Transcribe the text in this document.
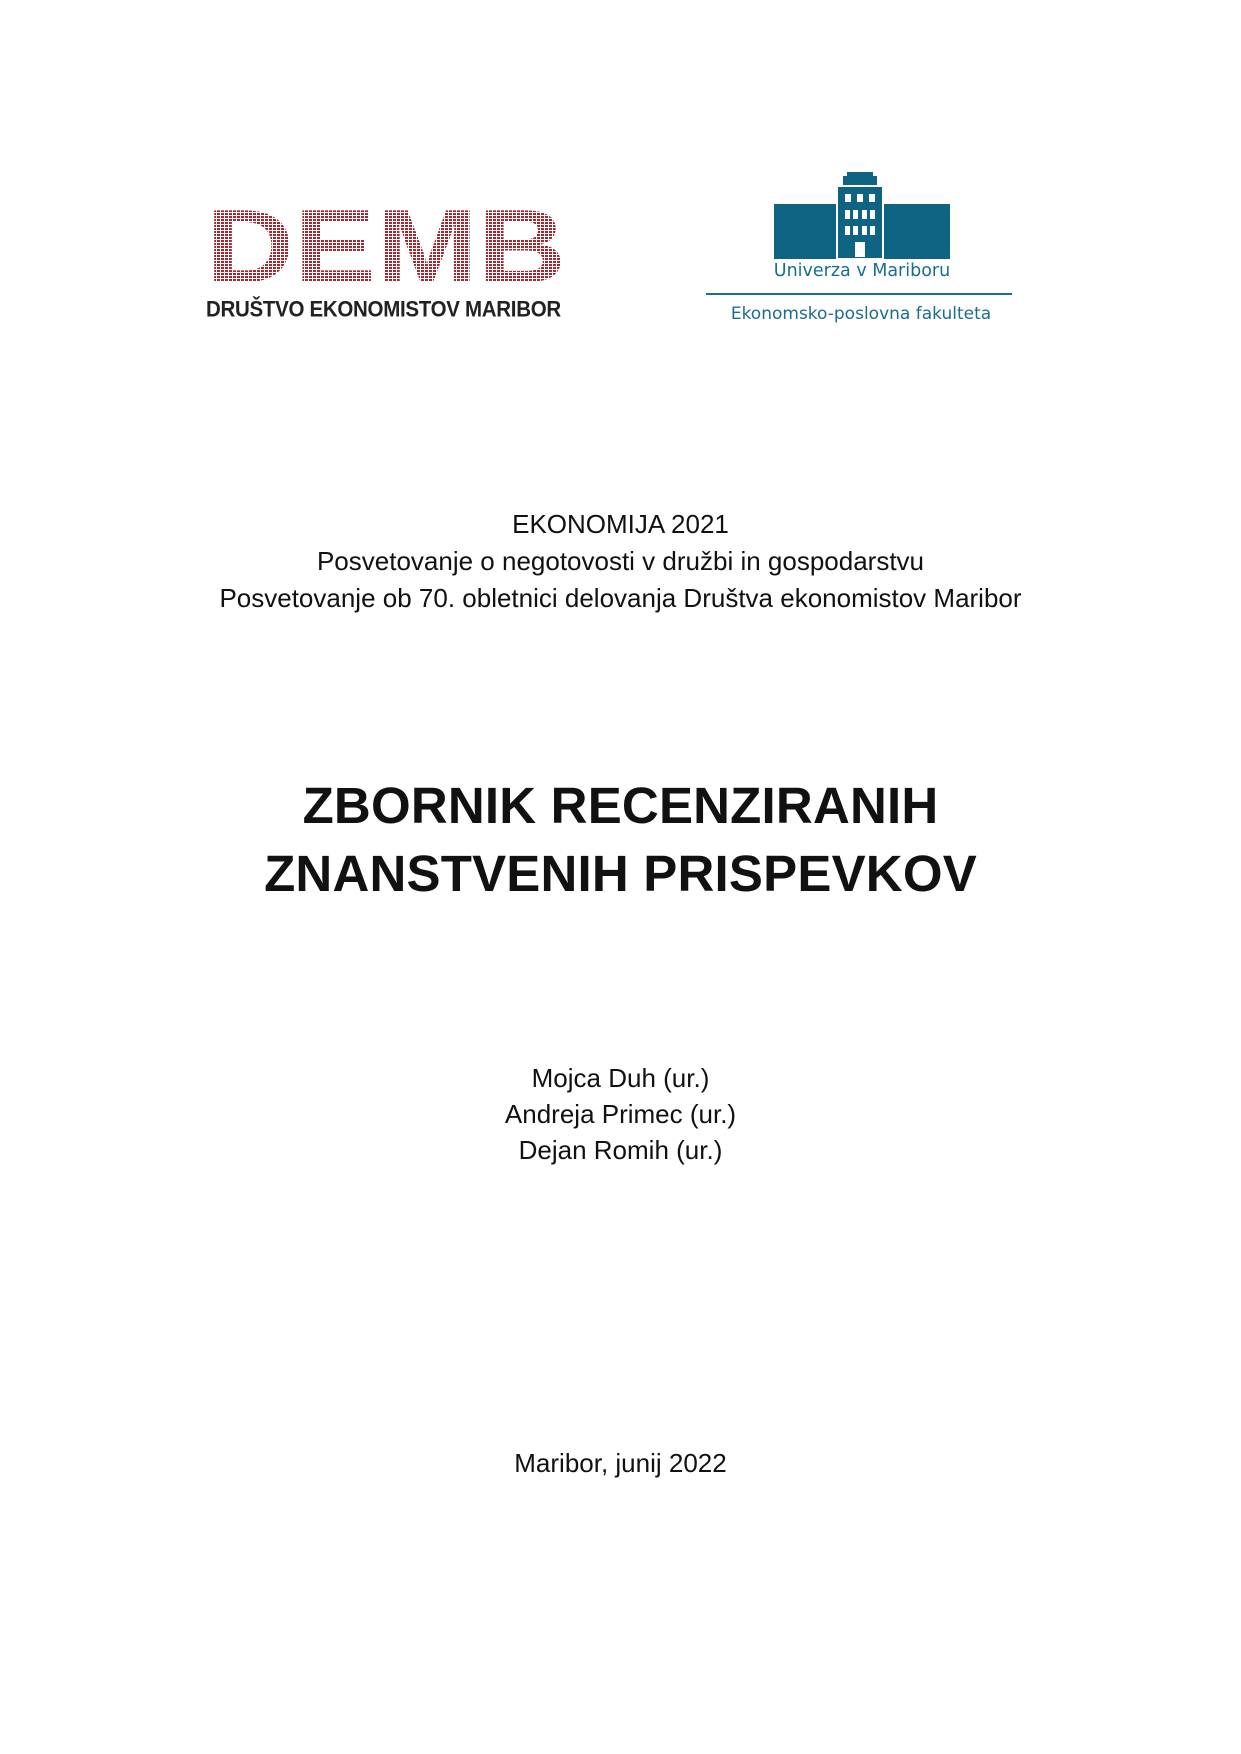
DRUŠTVO EKONOMISTOV MARIBOR
Univerza v Mariboru
Ekonomsko-poslovna fakulteta
EKONOMIJA 2021
Posvetovanje o negotovosti v družbi in gospodarstvu
Posvetovanje ob 70. obletnici delovanja Društva ekonomistov Maribor
ZBORNIK RECENZIRANIH
ZNANSTVENIH PRISPEVKOV
Mojca Duh (ur.)
Andreja Primec (ur.)
Dejan Romih (ur.)
Maribor, junij 2022
